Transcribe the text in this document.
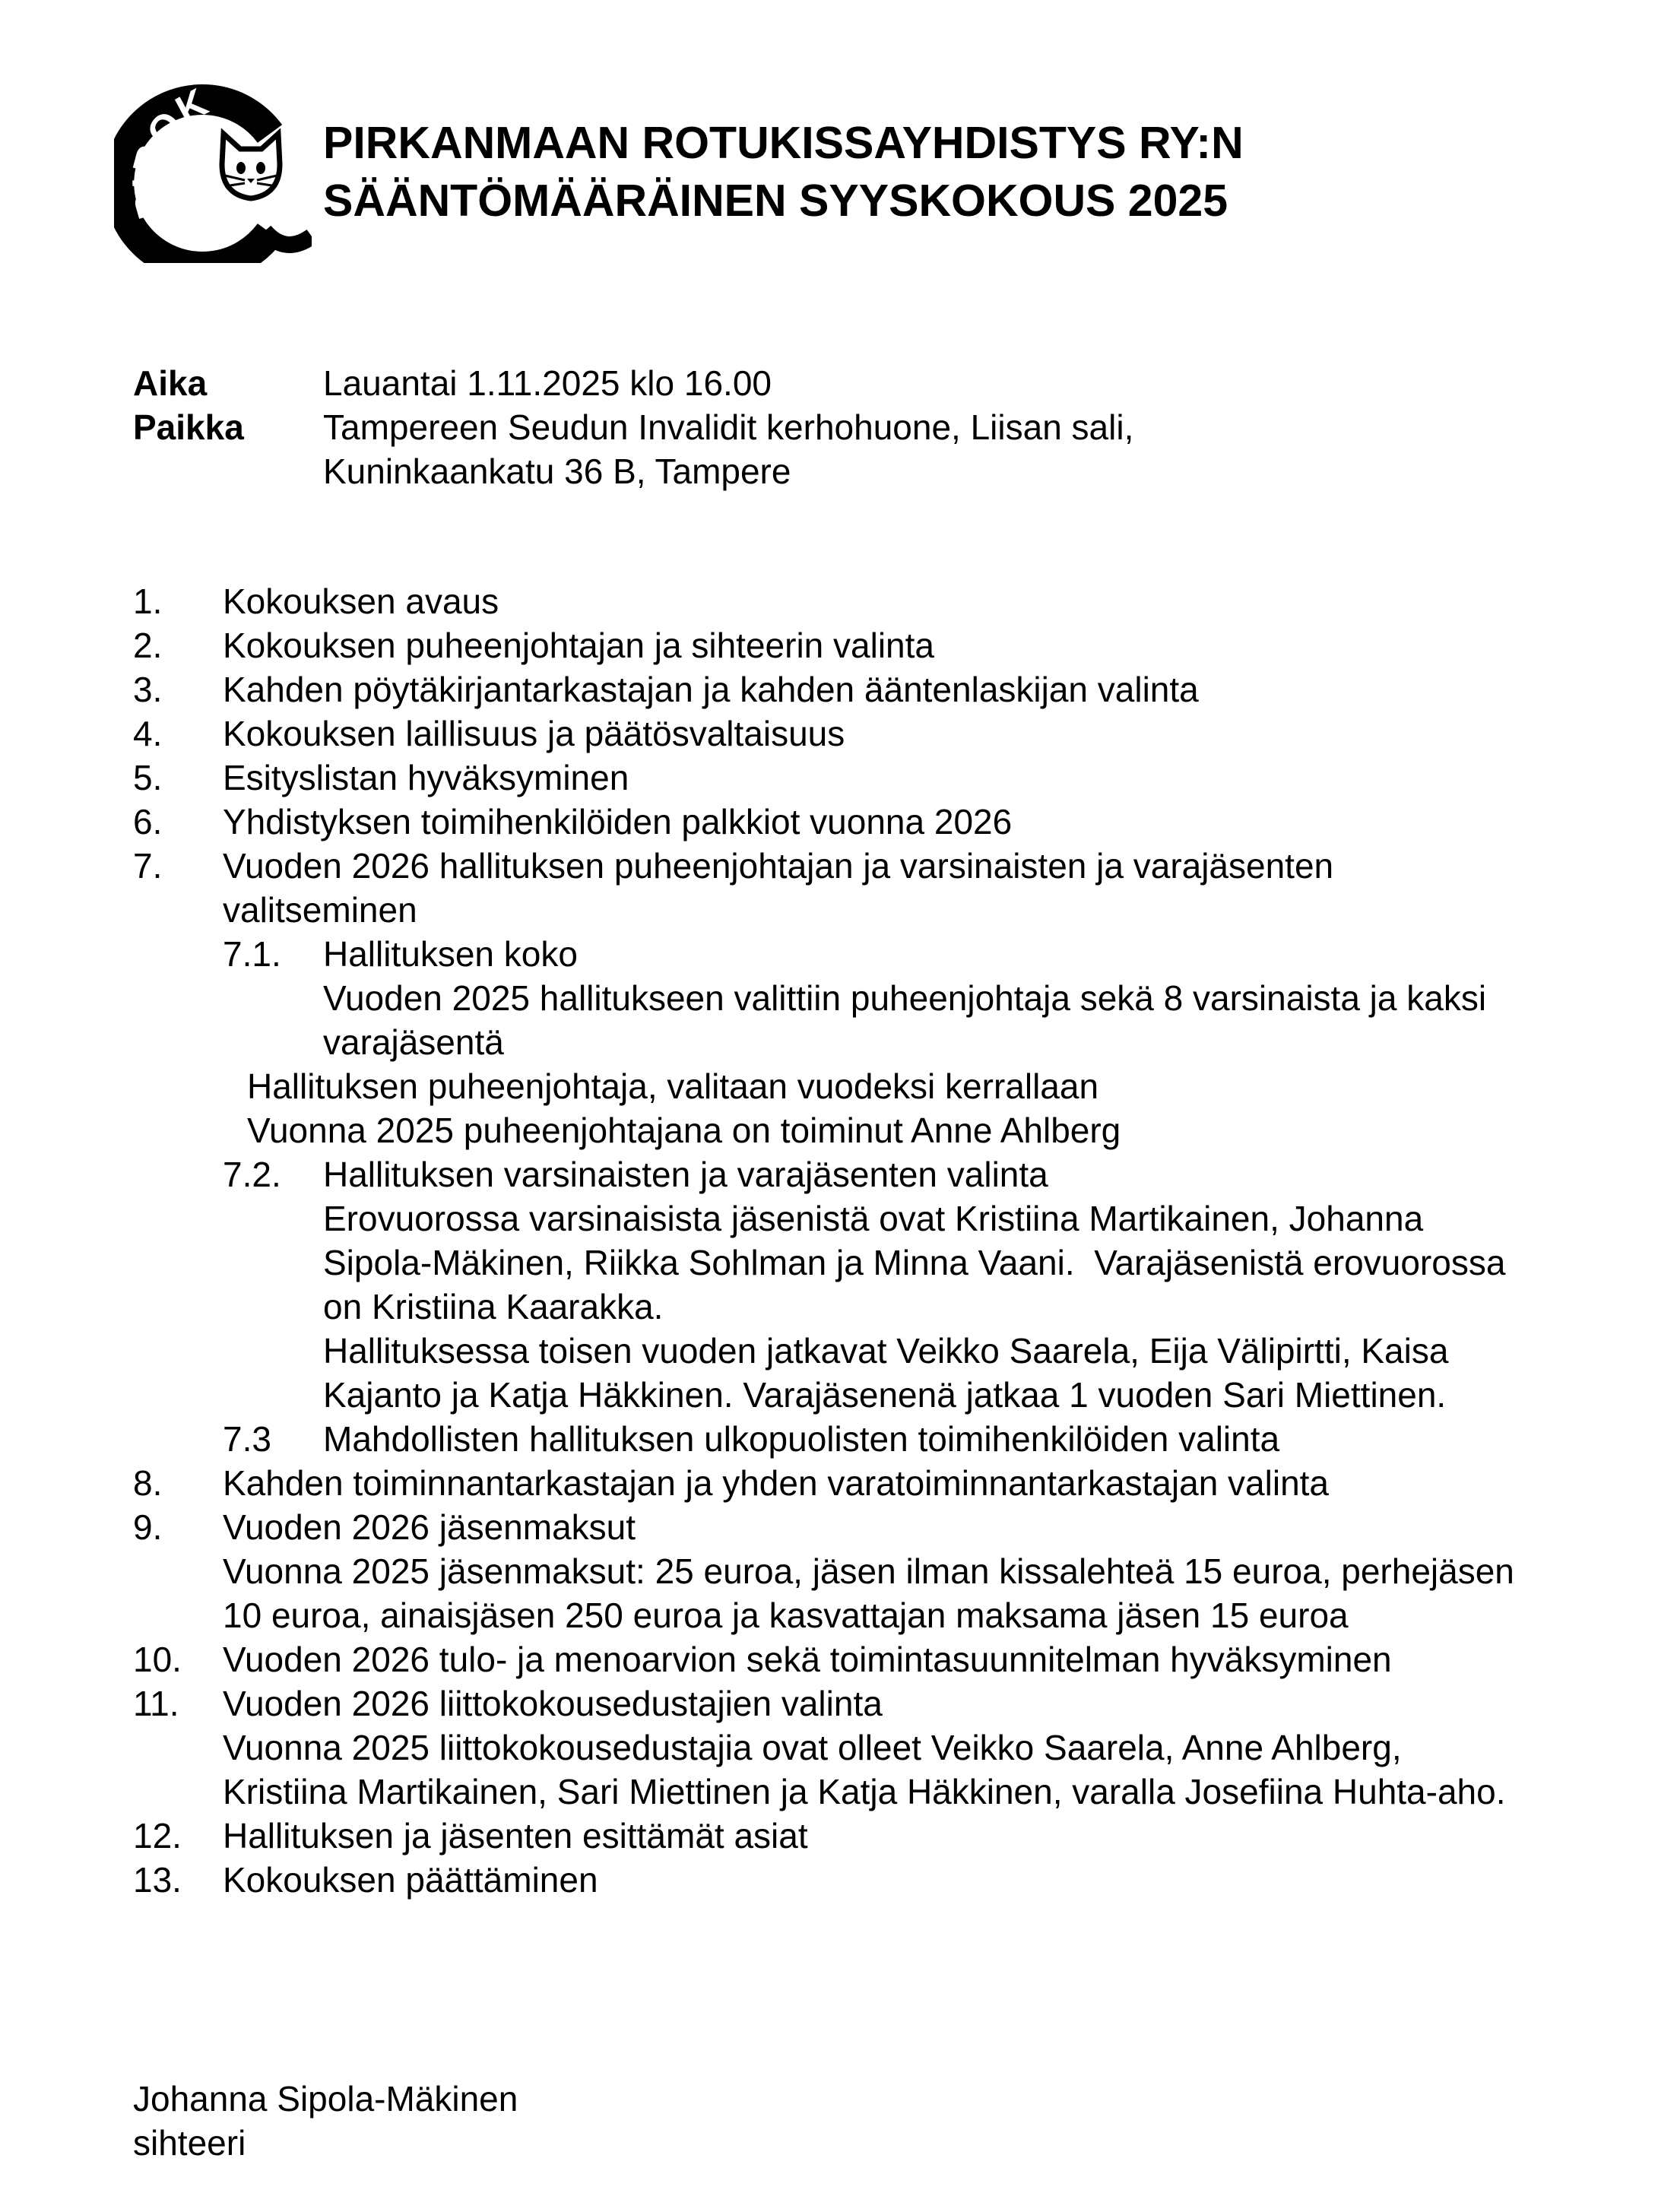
PIROK
PIRKANMAAN ROTUKISSAYHDISTYS RY:N
SÄÄNTÖMÄÄRÄINEN SYYSKOKOUS 2025
Aika	Lauantai 1.11.2025 klo 16.00
Paikka Tampereen Seudun Invalidit kerhohuone, Liisan sali,
Kuninkaankatu 36 B, Tampere
1. Kokouksen avaus
2. Kokouksen puheenjohtajan ja sihteerin valinta
3. Kahden pöytäkirjantarkastajan ja kahden ääntenlaskijan valinta
4. Kokouksen laillisuus ja päätösvaltaisuus
5. Esityslistan hyväksyminen
6. Yhdistyksen toimihenkilöiden palkkiot vuonna 2026
7. Vuoden 2026 hallituksen puheenjohtajan ja varsinaisten ja varajäsenten
valitseminen
7.1. Hallituksen koko
Vuoden 2025 hallitukseen valittiin puheenjohtaja sekä 8 varsinaista ja kaksi
varajäsentä
Hallituksen puheenjohtaja, valitaan vuodeksi kerrallaan
Vuonna 2025 puheenjohtajana on toiminut Anne Ahlberg
7.2. Hallituksen varsinaisten ja varajäsenten valinta
Erovuorossa varsinaisista jäsenistä ovat Kristiina Martikainen, Johanna
Sipola-Mäkinen, Riikka Sohlman ja Minna Vaani.  Varajäsenistä erovuorossa
on Kristiina Kaarakka.
Hallituksessa toisen vuoden jatkavat Veikko Saarela, Eija Välipirtti, Kaisa
Kajanto ja Katja Häkkinen. Varajäsenenä jatkaa 1 vuoden Sari Miettinen.
7.3 Mahdollisten hallituksen ulkopuolisten toimihenkilöiden valinta
8. Kahden toiminnantarkastajan ja yhden varatoiminnantarkastajan valinta
9. Vuoden 2026 jäsenmaksut
Vuonna 2025 jäsenmaksut: 25 euroa, jäsen ilman kissalehteä 15 euroa, perhejäsen
10 euroa, ainaisjäsen 250 euroa ja kasvattajan maksama jäsen 15 euroa
10. Vuoden 2026 tulo- ja menoarvion sekä toimintasuunnitelman hyväksyminen
11. Vuoden 2026 liittokokousedustajien valinta
Vuonna 2025 liittokokousedustajia ovat olleet Veikko Saarela, Anne Ahlberg,
Kristiina Martikainen, Sari Miettinen ja Katja Häkkinen, varalla Josefiina Huhta-aho.
12. Hallituksen ja jäsenten esittämät asiat
13. Kokouksen päättäminen
Johanna Sipola-Mäkinen
sihteeri
